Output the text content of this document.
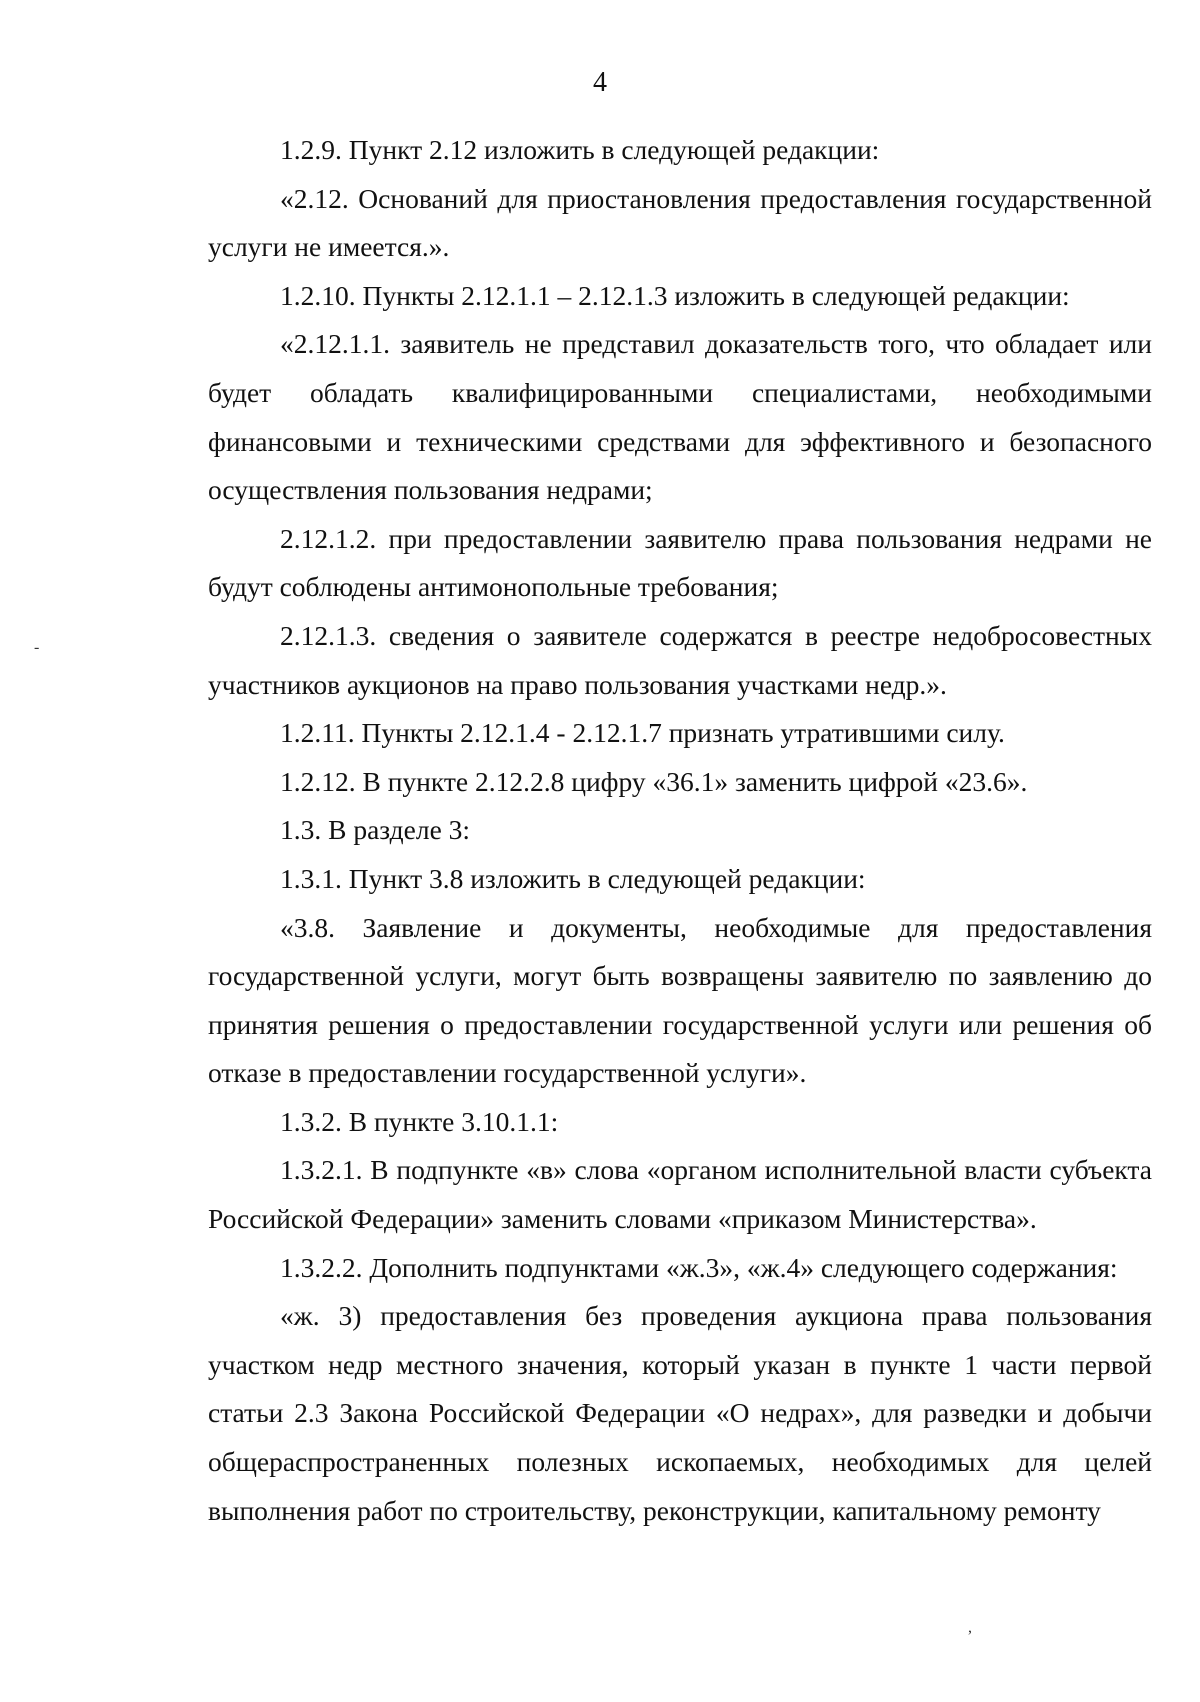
4

1.2.9. Пункт 2.12 изложить в следующей редакции:

«2.12. Оснований для приостановления предоставления государственной услуги не имеется.».

1.2.10. Пункты 2.12.1.1 – 2.12.1.3 изложить в следующей редакции:

«2.12.1.1. заявитель не представил доказательств того, что обладает или будет обладать квалифицированными специалистами, необходимыми финансовыми и техническими средствами для эффективного и безопасного осуществления пользования недрами;

2.12.1.2. при предоставлении заявителю права пользования недрами не будут соблюдены антимонопольные требования;

2.12.1.3. сведения о заявителе содержатся в реестре недобросовестных участников аукционов на право пользования участками недр.».

1.2.11. Пункты 2.12.1.4 - 2.12.1.7 признать утратившими силу.

1.2.12. В пункте 2.12.2.8 цифру «36.1» заменить цифрой «23.6».

1.3. В разделе 3:

1.3.1. Пункт 3.8 изложить в следующей редакции:

«3.8. Заявление и документы, необходимые для предоставления государственной услуги, могут быть возвращены заявителю по заявлению до принятия решения о предоставлении государственной услуги или решения об отказе в предоставлении государственной услуги».

1.3.2. В пункте 3.10.1.1:

1.3.2.1. В подпункте «в» слова «органом исполнительной власти субъекта Российской Федерации» заменить словами «приказом Министерства».

1.3.2.2. Дополнить подпунктами «ж.3», «ж.4» следующего содержания:

«ж. 3) предоставления без проведения аукциона права пользования участком недр местного значения, который указан в пункте 1 части первой статьи 2.3 Закона Российской Федерации «О недрах», для разведки и добычи общераспространенных полезных ископаемых, необходимых для целей выполнения работ по строительству, реконструкции, капитальному ремонту

‐
,
